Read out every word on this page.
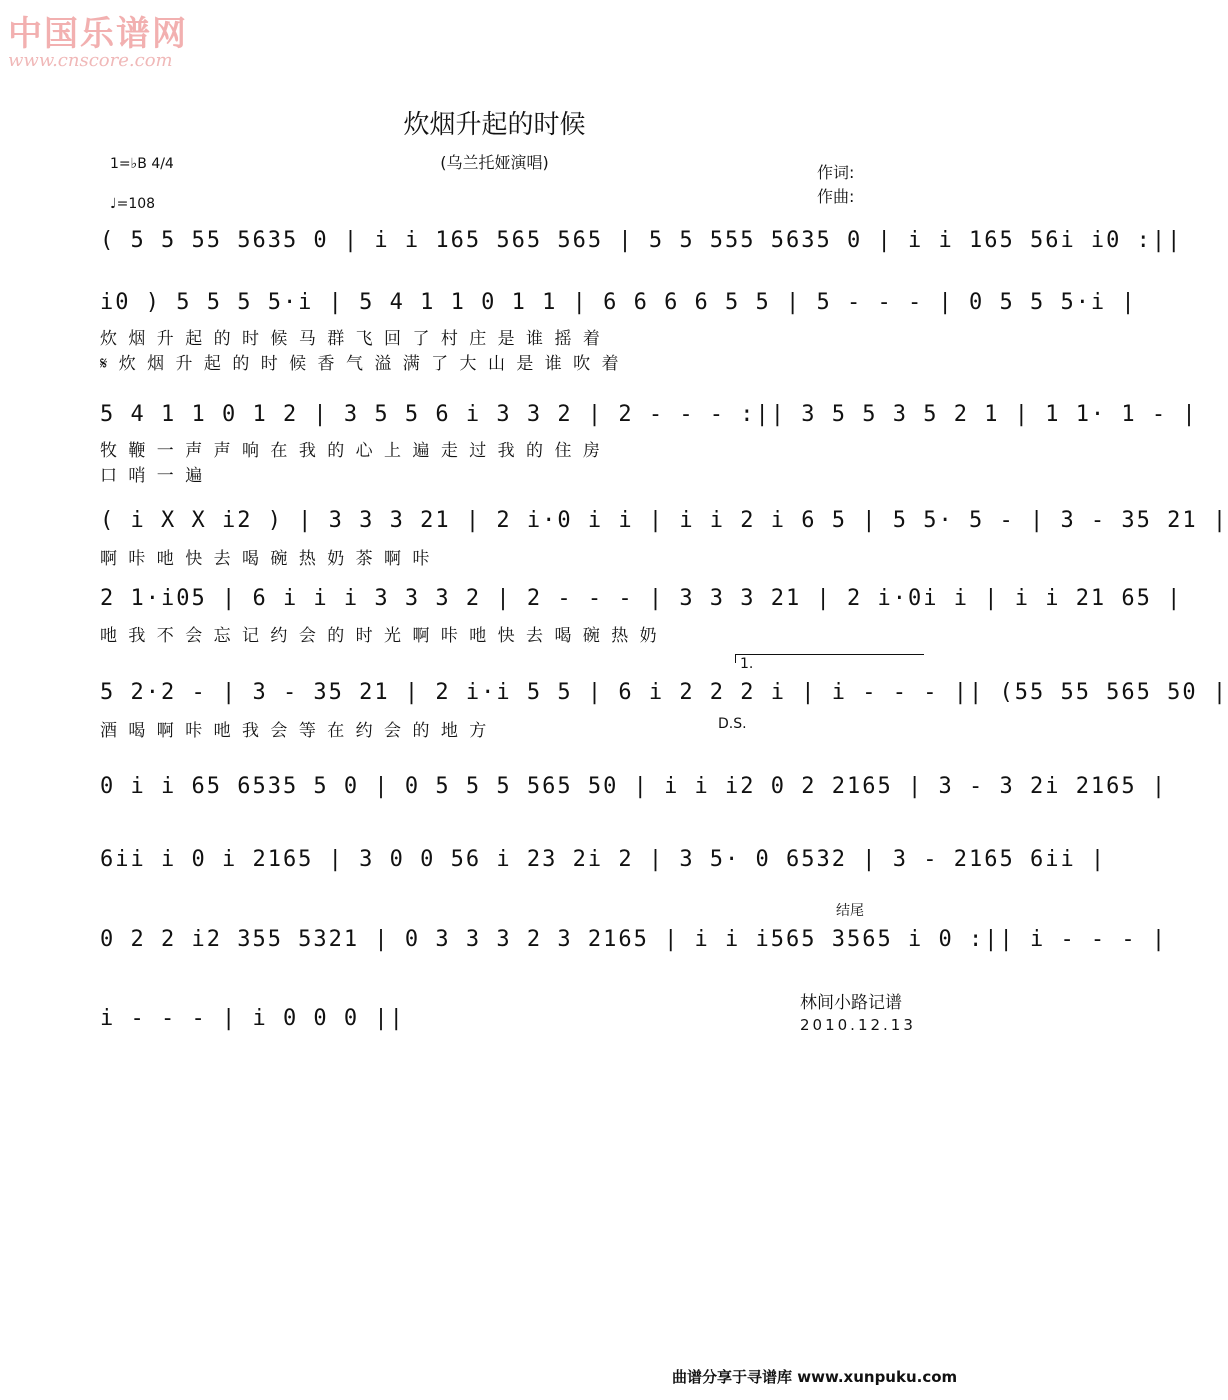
中国乐谱网
www.cnscore.com
炊烟升起的时候
(乌兰托娅演唱)
1=♭B 4/4
♩=108
作词:
作曲:
( 5 5 55 5635 0 | i i 165 565 565 | 5 5 555 5635 0 | i i 165 56i i0 :||
i0 ) 5 5 5 5·i | 5 4 1 1 0 1 1 | 6 6 6 6 5 5 | 5 - - - | 0 5 5 5·i |
炊 烟 升 起 的 时 候 马 群 飞 回 了 村 庄 是 谁 摇 着
𝄋 炊 烟 升 起 的 时 候 香 气 溢 满 了 大 山 是 谁 吹 着
5 4 1 1 0 1 2 | 3 5 5 6 i 3 3 2 | 2 - - - :|| 3 5 5 3 5 2 1 | 1 1· 1 - |
牧 鞭 一 声 声 响 在 我 的 心 上 遍 走 过 我 的 住 房
口 哨 一 遍
( i X X i2 ) | 3 3 3 21 | 2 i·0 i i | i i 2 i 6 5 | 5 5· 5 - | 3 - 35 21 |
啊 咔 吔 快 去 喝 碗 热 奶 茶 啊 咔
2 1·i05 | 6 i i i 3 3 3 2 | 2 - - - | 3 3 3 21 | 2 i·0i i | i i 21 65 |
吔 我 不 会 忘 记 约 会 的 时 光 啊 咔 吔 快 去 喝 碗 热 奶
1.
5 2·2 - | 3 - 35 21 | 2 i·i 5 5 | 6 i 2 2 2 i | i - - - || (55 55 565 50 |
酒 喝 啊 咔 吔 我 会 等 在 约 会 的 地 方	D.S.
0 i i 65 6535 5 0 | 0 5 5 5 565 50 | i i i2 0 2 2165 | 3 - 3 2i 2165 |
6ii i 0 i 2165 | 3 0 0 56 i 23 2i 2 | 3 5· 0 6532 | 3 - 2165 6ii |
结尾
0 2 2 i2 355 5321 | 0 3 3 3 2 3 2165 | i i i565 3565 i 0 :|| i - - - |
i - - - | i 0 0 0 ||
林间小路记谱
2010.12.13
曲谱分享于寻谱库 www.xunpuku.com
